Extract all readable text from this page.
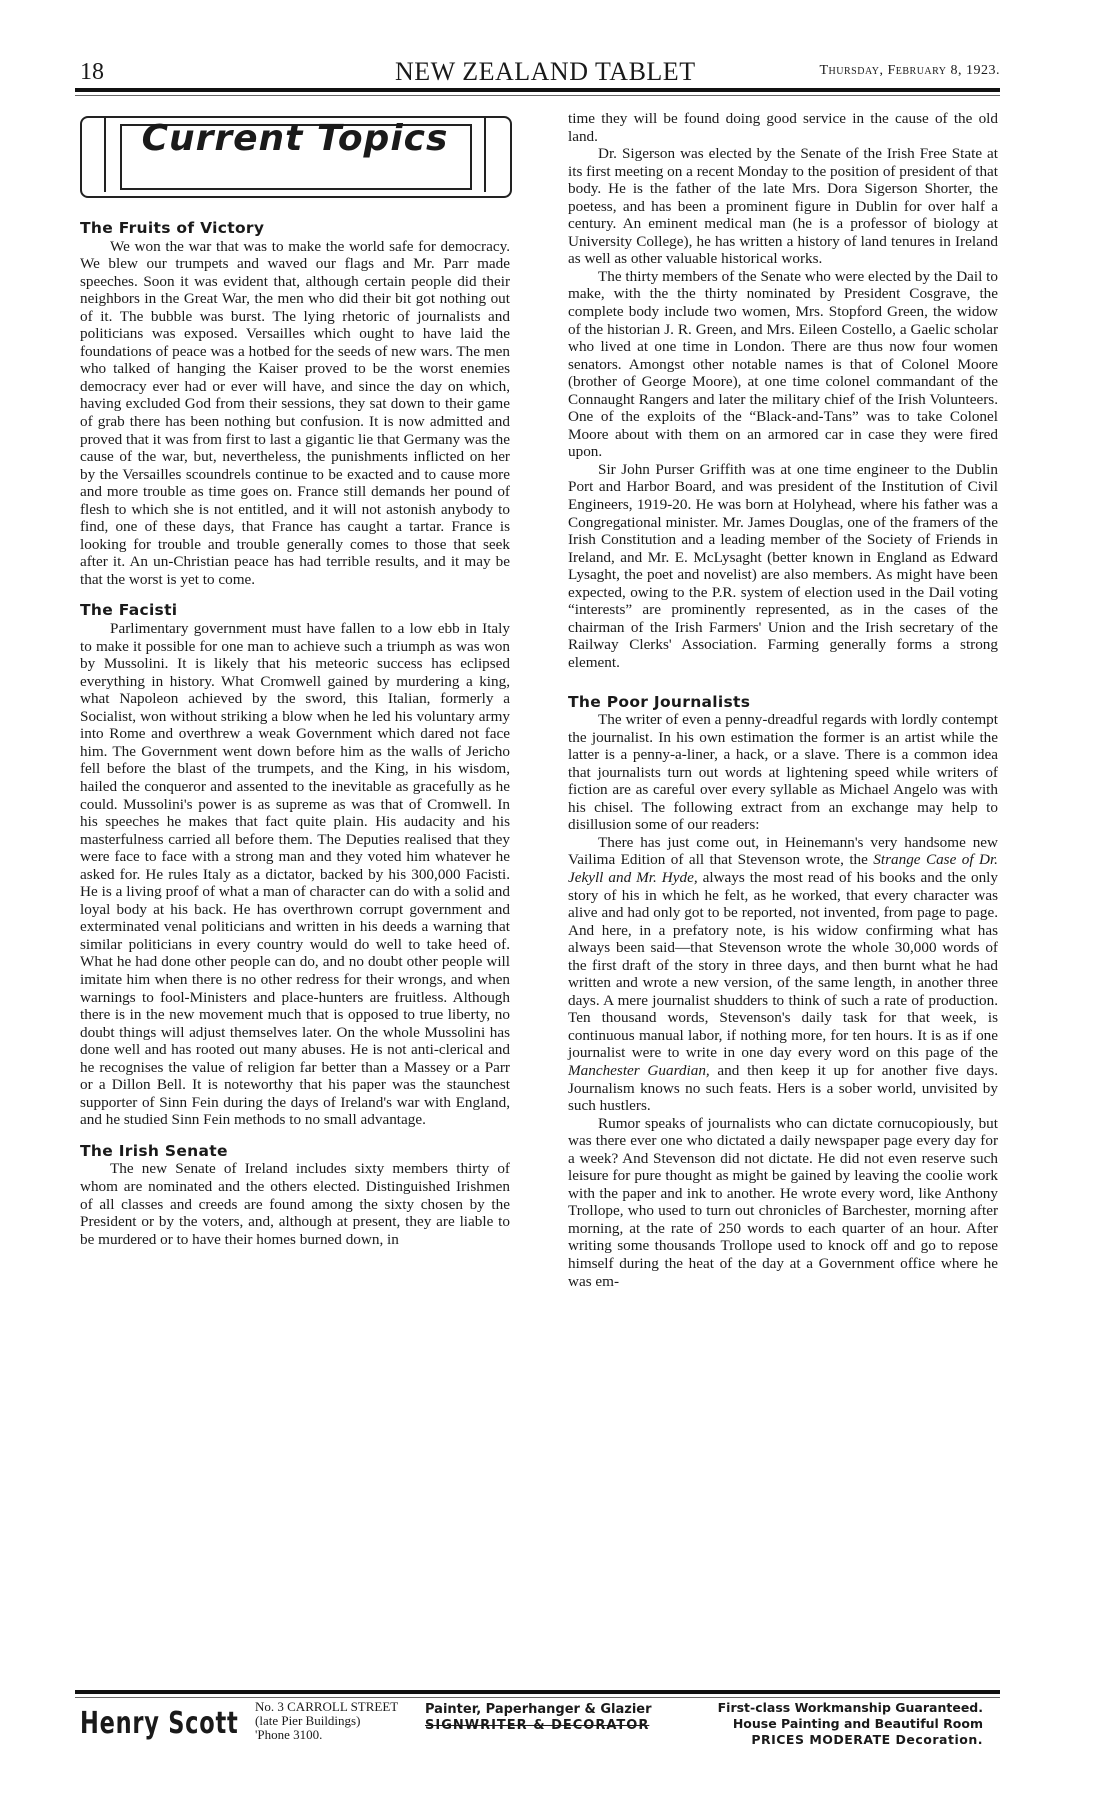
18	NEW ZEALAND TABLET	Thursday, February 8, 1923.
Current Topics
The Fruits of Victory

We won the war that was to make the world safe for democracy. We blew our trumpets and waved our flags and Mr. Parr made speeches. Soon it was evident that, although certain people did their neighbors in the Great War, the men who did their bit got nothing out of it. The bubble was burst. The lying rhetoric of journalists and politicians was exposed. Versailles which ought to have laid the foundations of peace was a hotbed for the seeds of new wars. The men who talked of hanging the Kaiser proved to be the worst enemies democracy ever had or ever will have, and since the day on which, having excluded God from their sessions, they sat down to their game of grab there has been nothing but confusion. It is now admitted and proved that it was from first to last a gigantic lie that Germany was the cause of the war, but, nevertheless, the punishments inflicted on her by the Versailles scoundrels continue to be exacted and to cause more and more trouble as time goes on. France still demands her pound of flesh to which she is not entitled, and it will not astonish anybody to find, one of these days, that France has caught a tartar. France is looking for trouble and trouble generally comes to those that seek after it. An un-Christian peace has had terrible results, and it may be that the worst is yet to come.

The Facisti

Parlimentary government must have fallen to a low ebb in Italy to make it possible for one man to achieve such a triumph as was won by Mussolini. It is likely that his meteoric success has eclipsed everything in history. What Cromwell gained by murdering a king, what Napoleon achieved by the sword, this Italian, formerly a Socialist, won without striking a blow when he led his voluntary army into Rome and overthrew a weak Government which dared not face him. The Government went down before him as the walls of Jericho fell before the blast of the trumpets, and the King, in his wisdom, hailed the conqueror and assented to the inevitable as gracefully as he could. Mussolini's power is as supreme as was that of Cromwell. In his speeches he makes that fact quite plain. His audacity and his masterfulness carried all before them. The Deputies realised that they were face to face with a strong man and they voted him whatever he asked for. He rules Italy as a dictator, backed by his 300,000 Facisti. He is a living proof of what a man of character can do with a solid and loyal body at his back. He has overthrown corrupt government and exterminated venal politicians and written in his deeds a warning that similar politicians in every country would do well to take heed of. What he had done other people can do, and no doubt other people will imitate him when there is no other redress for their wrongs, and when warnings to fool-Ministers and place-hunters are fruitless. Although there is in the new movement much that is opposed to true liberty, no doubt things will adjust themselves later. On the whole Mussolini has done well and has rooted out many abuses. He is not anti-clerical and he recognises the value of religion far better than a Massey or a Parr or a Dillon Bell. It is noteworthy that his paper was the staunchest supporter of Sinn Fein during the days of Ireland's war with England, and he studied Sinn Fein methods to no small advantage.

The Irish Senate

The new Senate of Ireland includes sixty members thirty of whom are nominated and the others elected. Distinguished Irishmen of all classes and creeds are found among the sixty chosen by the President or by the voters, and, although at present, they are liable to be murdered or to have their homes burned down, in

time they will be found doing good service in the cause of the old land.

Dr. Sigerson was elected by the Senate of the Irish Free State at its first meeting on a recent Monday to the position of president of that body. He is the father of the late Mrs. Dora Sigerson Shorter, the poetess, and has been a prominent figure in Dublin for over half a century. An eminent medical man (he is a professor of biology at University College), he has written a history of land tenures in Ireland as well as other valuable historical works.

The thirty members of the Senate who were elected by the Dail to make, with the the thirty nominated by President Cosgrave, the complete body include two women, Mrs. Stopford Green, the widow of the historian J. R. Green, and Mrs. Eileen Costello, a Gaelic scholar who lived at one time in London. There are thus now four women senators. Amongst other notable names is that of Colonel Moore (brother of George Moore), at one time colonel commandant of the Connaught Rangers and later the military chief of the Irish Volunteers. One of the exploits of the “Black-and-Tans” was to take Colonel Moore about with them on an armored car in case they were fired upon.

Sir John Purser Griffith was at one time engineer to the Dublin Port and Harbor Board, and was president of the Institution of Civil Engineers, 1919-20. He was born at Holyhead, where his father was a Congregational minister. Mr. James Douglas, one of the framers of the Irish Constitution and a leading member of the Society of Friends in Ireland, and Mr. E. McLysaght (better known in England as Edward Lysaght, the poet and novelist) are also members. As might have been expected, owing to the P.R. system of election used in the Dail voting “interests” are prominently represented, as in the cases of the chairman of the Irish Farmers' Union and the Irish secretary of the Railway Clerks' Association. Farming generally forms a strong element.

The Poor Journalists

The writer of even a penny-dreadful regards with lordly contempt the journalist. In his own estimation the former is an artist while the latter is a penny-a-liner, a hack, or a slave. There is a common idea that journalists turn out words at lightening speed while writers of fiction are as careful over every syllable as Michael Angelo was with his chisel. The following extract from an exchange may help to disillusion some of our readers:

There has just come out, in Heinemann's very handsome new Vailima Edition of all that Stevenson wrote, the Strange Case of Dr. Jekyll and Mr. Hyde, always the most read of his books and the only story of his in which he felt, as he worked, that every character was alive and had only got to be reported, not invented, from page to page. And here, in a prefatory note, is his widow confirming what has always been said—that Stevenson wrote the whole 30,000 words of the first draft of the story in three days, and then burnt what he had written and wrote a new version, of the same length, in another three days. A mere journalist shudders to think of such a rate of production. Ten thousand words, Stevenson's daily task for that week, is continuous manual labor, if nothing more, for ten hours. It is as if one journalist were to write in one day every word on this page of the Manchester Guardian, and then keep it up for another five days. Journalism knows no such feats. Hers is a sober world, unvisited by such hustlers.

Rumor speaks of journalists who can dictate cornucopiously, but was there ever one who dictated a daily newspaper page every day for a week? And Stevenson did not dictate. He did not even reserve such leisure for pure thought as might be gained by leaving the coolie work with the paper and ink to another. He wrote every word, like Anthony Trollope, who used to turn out chronicles of Barchester, morning after morning, at the rate of 250 words to each quarter of an hour. After writing some thousands Trollope used to knock off and go to repose himself during the heat of the day at a Government office where he was em-

Henry Scott No. 3 CARROLL STREET
(late Pier Buildings)
'Phone 3100.
Painter, Paperhanger & Glazier
SIGNWRITER & DECORATOR
First-class Workmanship Guaranteed.
House Painting and Beautiful Room
PRICES MODERATE Decoration.
